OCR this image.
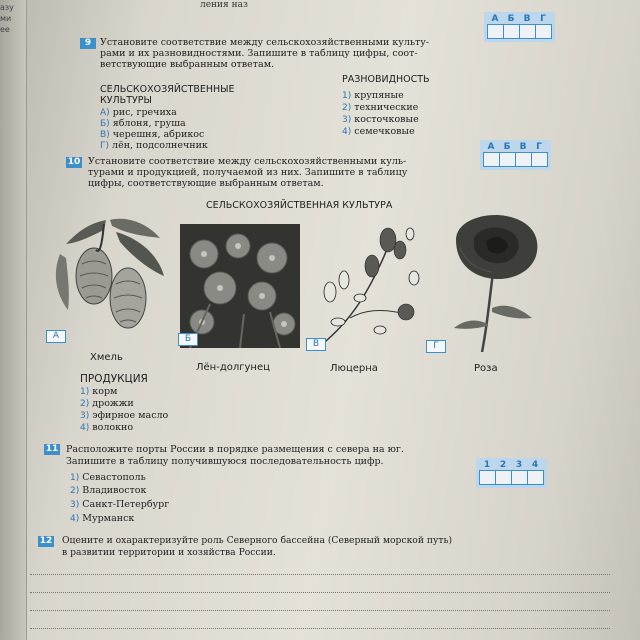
азу
ми
ее
ления наз
9 Установите соответствие между сельскохозяйственными культу-
рами и их разновидностями. Запишите в таблицу цифры, соот-
ветствующие выбранным ответам.
А	Б	В	Г
СЕЛЬСКОХОЗЯЙСТВЕННЫЕ
КУЛЬТУРЫ
А) рис, гречиха
Б) яблоня, груша
В) черешня, абрикос
Г) лён, подсолнечник
РАЗНОВИДНОСТЬ
1) крупяные
2) технические
3) косточковые
4) семечковые
10 Установите соответствие между сельскохозяйственными куль-
турами и продукцией, получаемой из них. Запишите в таблицу
цифры, соответствующие выбранным ответам.
А	Б	В	Г
СЕЛЬСКОХОЗЯЙСТВЕННАЯ КУЛЬТУРА
А
Хмель
Б
Лён-долгунец
В
Люцерна
Г
Роза
ПРОДУКЦИЯ
1) корм
2) дрожжи
3) эфирное масло
4) волокно
11 Расположите порты России в порядке размещения с севера на юг.
Запишите в таблицу получившуюся последовательность цифр.	1	2	3	4
1) Севастополь
2) Владивосток
3) Санкт-Петербург
4) Мурманск
12 Оцените и охарактеризуйте роль Северного бассейна (Северный морской путь)
в развитии территории и хозяйства России.
